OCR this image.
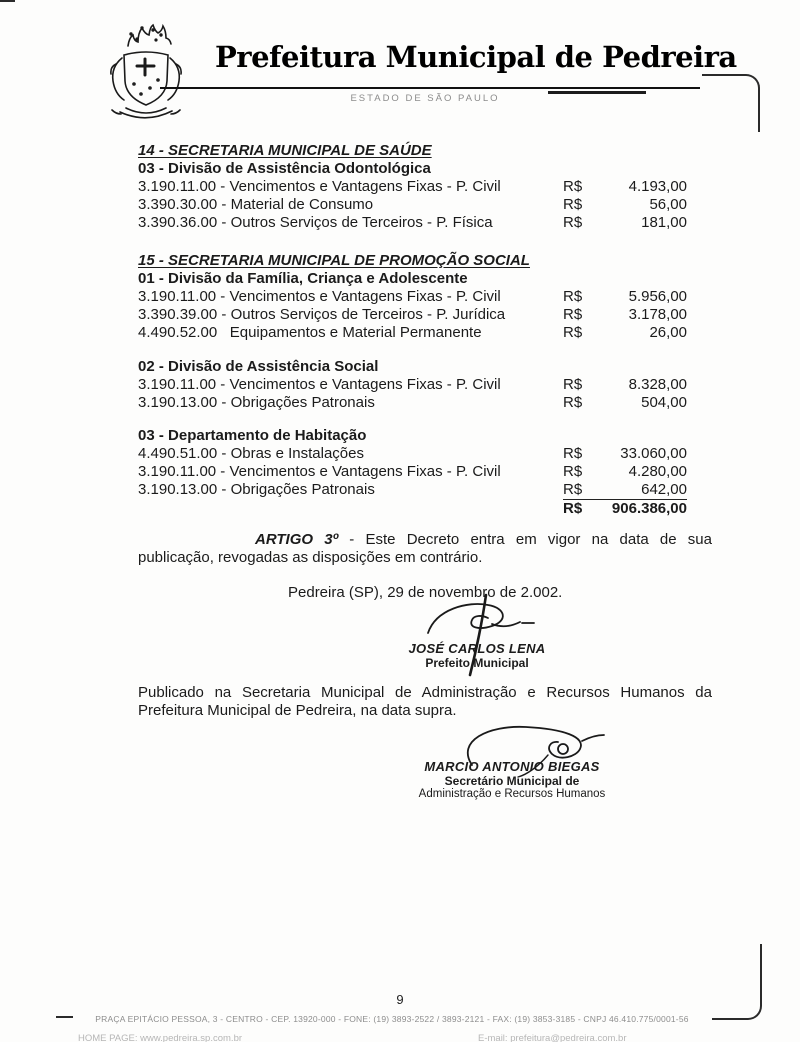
Prefeitura Municipal de Pedreira
ESTADO DE SÃO PAULO
14 - SECRETARIA MUNICIPAL DE SAÚDE
03 - Divisão de Assistência Odontológica
3.190.11.00 - Vencimentos e Vantagens Fixas - P. Civil	R$	4.193,00
3.390.30.00 - Material de Consumo	R$	56,00
3.390.36.00 - Outros Serviços de Terceiros - P. Física	R$	181,00
15 - SECRETARIA MUNICIPAL DE PROMOÇÃO SOCIAL
01 - Divisão da Família, Criança e Adolescente
3.190.11.00 - Vencimentos e Vantagens Fixas - P. Civil	R$	5.956,00
3.390.39.00 - Outros Serviços de Terceiros - P. Jurídica	R$	3.178,00
4.490.52.00   Equipamentos e Material Permanente	R$	26,00
02 - Divisão de Assistência Social
3.190.11.00 - Vencimentos e Vantagens Fixas - P. Civil	R$	8.328,00
3.190.13.00 - Obrigações Patronais	R$	504,00
03 - Departamento de Habitação
4.490.51.00 - Obras e Instalações	R$	33.060,00
3.190.11.00 - Vencimentos e Vantagens Fixas - P. Civil	R$	4.280,00
3.190.13.00 - Obrigações Patronais	R$	642,00
R$	906.386,00

ARTIGO 3º - Este Decreto entra em vigor na data de sua publicação, revogadas as disposições em contrário.

Pedreira (SP), 29 de novembro de 2.002.
JOSÉ CARLOS LENA
Prefeito Municipal

Publicado na Secretaria Municipal de Administração e Recursos Humanos da Prefeitura Municipal de Pedreira, na data supra.

MARCIO ANTONIO BIEGAS
Secretário Municipal de
Administração e Recursos Humanos
9
PRAÇA EPITÁCIO PESSOA, 3 - CENTRO - CEP. 13920-000 - FONE: (19) 3893-2522 / 3893-2121 - FAX: (19) 3853-3185 - CNPJ 46.410.775/0001-56
HOME PAGE: www.pedreira.sp.com.br	E-mail: prefeitura@pedreira.com.br
